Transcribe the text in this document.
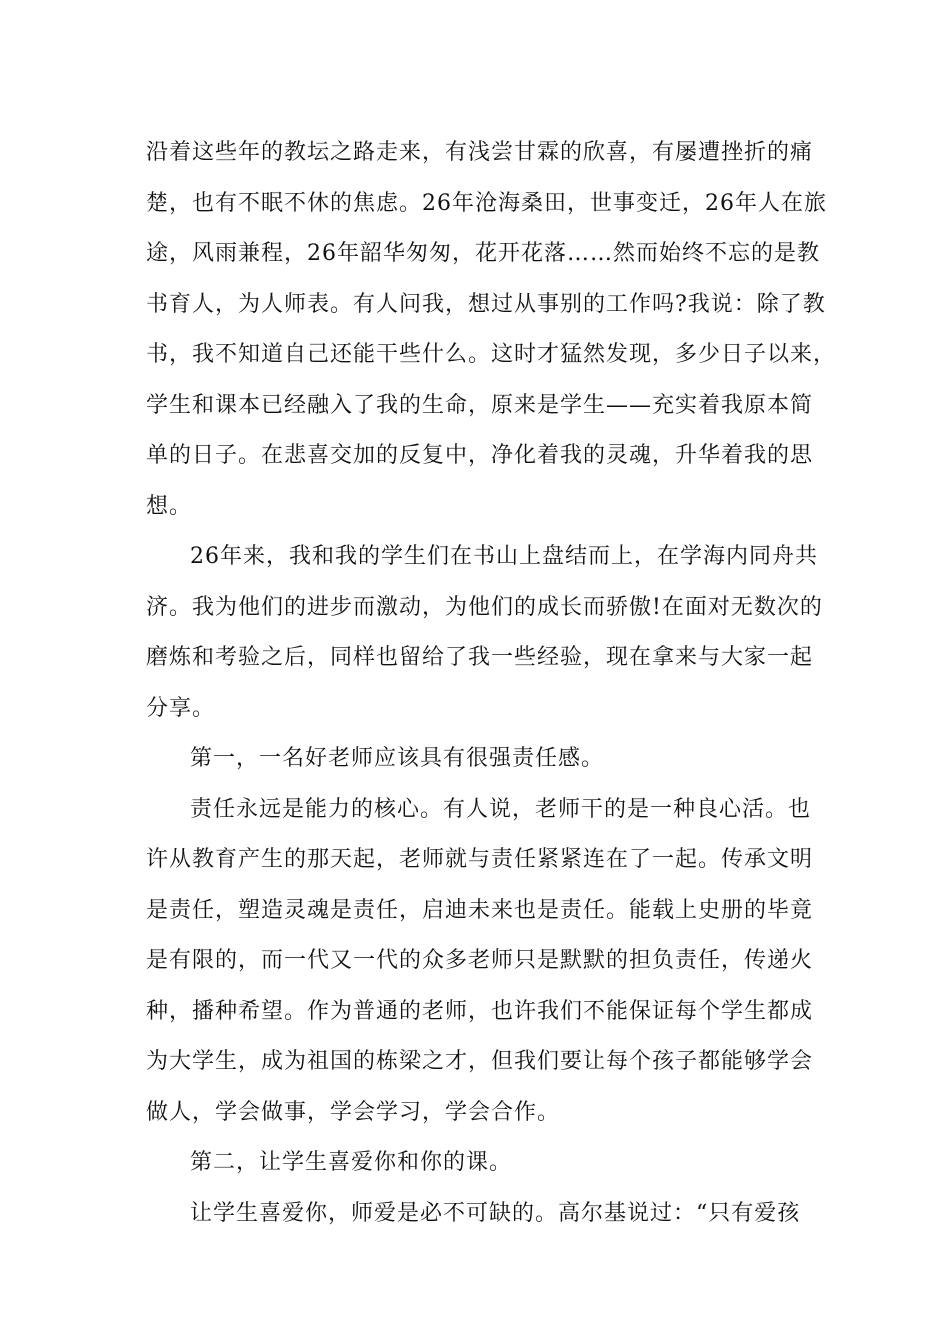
沿着这些年的教坛之路走来，有浅尝甘霖的欣喜，有屡遭挫折的痛
楚，也有不眠不休的焦虑。26年沧海桑田，世事变迁，26年人在旅
途，风雨兼程，26年韶华匆匆，花开花落……然而始终不忘的是教
书育人，为人师表。有人问我，想过从事别的工作吗?我说：除了教
书，我不知道自己还能干些什么。这时才猛然发现，多少日子以来，
学生和课本已经融入了我的生命，原来是学生——充实着我原本简
单的日子。在悲喜交加的反复中，净化着我的灵魂，升华着我的思
想。
26年来，我和我的学生们在书山上盘结而上，在学海内同舟共
济。我为他们的进步而激动，为他们的成长而骄傲!在面对无数次的
磨炼和考验之后，同样也留给了我一些经验，现在拿来与大家一起
分享。
第一，一名好老师应该具有很强责任感。
责任永远是能力的核心。有人说，老师干的是一种良心活。也
许从教育产生的那天起，老师就与责任紧紧连在了一起。传承文明
是责任，塑造灵魂是责任，启迪未来也是责任。能载上史册的毕竟
是有限的，而一代又一代的众多老师只是默默的担负责任，传递火
种，播种希望。作为普通的老师，也许我们不能保证每个学生都成
为大学生，成为祖国的栋梁之才，但我们要让每个孩子都能够学会
做人，学会做事，学会学习，学会合作。
第二，让学生喜爱你和你的课。
让学生喜爱你，师爱是必不可缺的。高尔基说过：“只有爱孩
